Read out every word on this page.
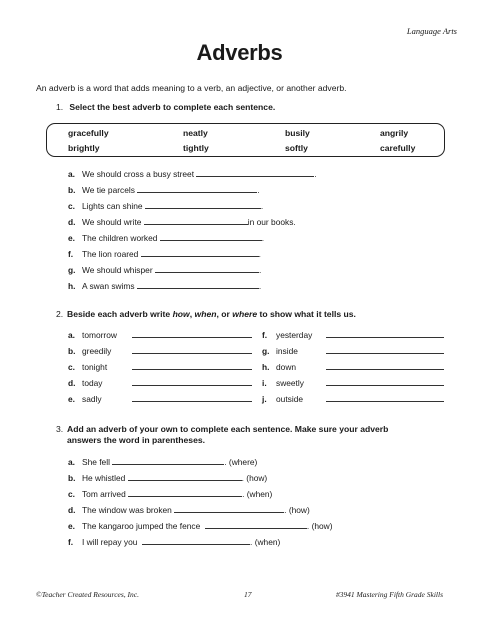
Language Arts
Adverbs
An adverb is a word that adds meaning to a verb, an adjective, or another adverb.
1. Select the best adverb to complete each sentence.
gracefully	neatly	busily	angrily
brightly	tightly	softly	carefully
a. We should cross a busy street	.
b. We tie parcels	.
c. Lights can shine	.
d. We should write	in our books.
e. The children worked	.
f. The lion roared	.
g. We should whisper	.
h. A swan swims	.
2. Beside each adverb write how, when, or where to show what it tells us.
a. tomorrow
b. greedily
c. tonight
d. today
e. sadly
f. yesterday
g. inside
h. down
i. sweetly
j. outside
3. Add an adverb of your own to complete each sentence. Make sure your adverb
answers the word in parentheses.
a. She fell	. (where)
b. He whistled	. (how)
c. Tom arrived	. (when)
d. The window was broken	. (how)
e. The kangaroo jumped the fence	. (how)
f. I will repay you	. (when)
©Teacher Created Resources, Inc.	17	#3941 Mastering Fifth Grade Skills
